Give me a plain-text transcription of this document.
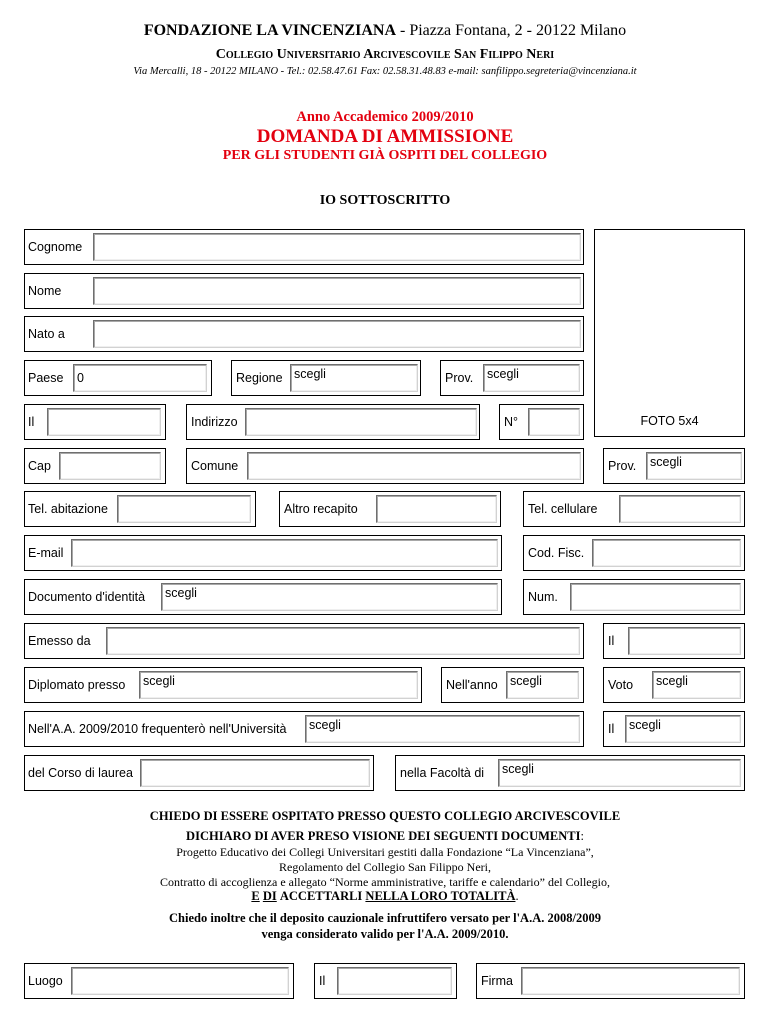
FONDAZIONE LA VINCENZIANA - Piazza Fontana, 2 - 20122 Milano
Collegio Universitario Arcivescovile San Filippo Neri
Via Mercalli, 18 - 20122 MILANO - Tel.: 02.58.47.61 Fax: 02.58.31.48.83 e-mail: sanfilippo.segreteria@vincenziana.it
Anno Accademico 2009/2010
DOMANDA DI AMMISSIONE
PER GLI STUDENTI GIÀ OSPITI DEL COLLEGIO
IO SOTTOSCRITTO
FOTO 5x4
Cognome
Nome
Nato a
Paese	0	Regione scegli	Prov.	scegli
Il	Indirizzo	N°
Cap	Comune	Prov.	scegli
Tel. abitazione	Altro recapito	Tel. cellulare
E-mail	Cod. Fisc.
Documento d'identità	scegli	Num.
Emesso da	Il
Diplomato presso	scegli	Nell'anno scegli	Voto	scegli
Nell'A.A. 2009/2010 frequenterò nell'Università	scegli	Il	scegli
del Corso di laurea	nella Facoltà di	scegli
CHIEDO DI ESSERE OSPITATO PRESSO QUESTO COLLEGIO ARCIVESCOVILE
DICHIARO DI AVER PRESO VISIONE DEI SEGUENTI DOCUMENTI:
Progetto Educativo dei Collegi Universitari gestiti dalla Fondazione “La Vincenziana”,
Regolamento del Collegio San Filippo Neri,
Contratto di accoglienza e allegato “Norme amministrative, tariffe e calendario” del Collegio,
E DI ACCETTARLI NELLA LORO TOTALITÀ.
Chiedo inoltre che il deposito cauzionale infruttifero versato per l'A.A. 2008/2009
venga considerato valido per l'A.A. 2009/2010.
Luogo	Il	Firma
